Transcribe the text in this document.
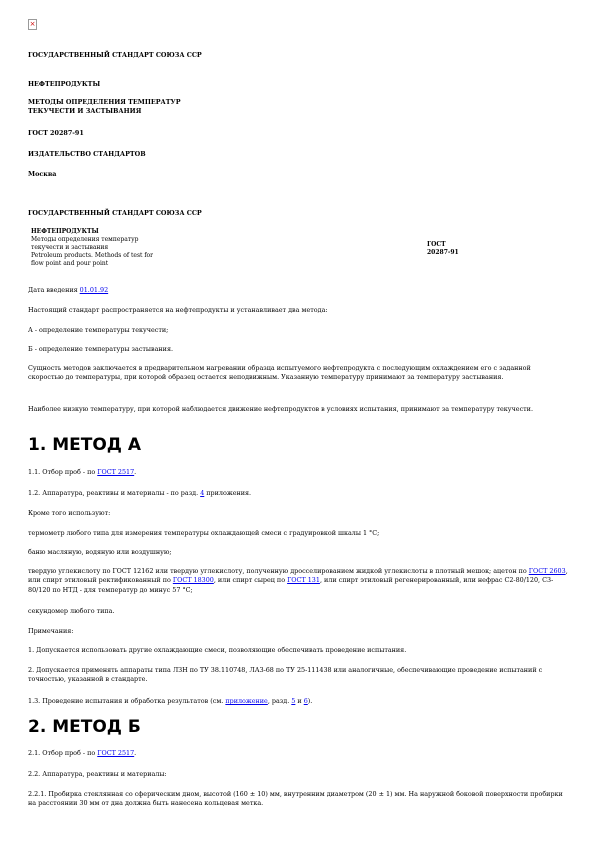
×

ГОСУДАРСТВЕННЫЙ СТАНДАРТ СОЮЗА ССР

НЕФТЕПРОДУКТЫ

МЕТОДЫ ОПРЕДЕЛЕНИЯ ТЕМПЕРАТУР
ТЕКУЧЕСТИ И ЗАСТЫВАНИЯ

ГОСТ 20287-91

ИЗДАТЕЛЬСТВО СТАНДАРТОВ

Москва

ГОСУДАРСТВЕННЫЙ СТАНДАРТ СОЮЗА ССР

НЕФТЕПРОДУКТЫ
Методы определения температур
текучести и застывания
Petroleum products. Methods of test for
flow point and pour point
ГОСТ
20287-91

Дата введения 01.01.92

Настоящий стандарт распространяется на нефтепродукты и устанавливает два метода:

А - определение температуры текучести;

Б - определение температуры застывания.

Сущность методов заключается в предварительном нагревании образца испытуемого нефтепродукта с последующим охлаждением его с заданной скоростью до температуры, при которой образец остается неподвижным. Указанную температуру принимают за температуру застывания.

Наиболее низкую температуру, при которой наблюдается движение нефтепродуктов в условиях испытания, принимают за температуру текучести.

1. МЕТОД А

1.1. Отбор проб - по ГОСТ 2517.

1.2. Аппаратура, реактивы и материалы - по разд. 4 приложения.

Кроме того используют:

термометр любого типа для измерения температуры охлаждающей смеси с градуировкой шкалы 1 °С;

баню масляную, водяную или воздушную;

твердую углекислоту по ГОСТ 12162 или твердую углекислоту, полученную дросселированием жидкой углекислоты в плотный мешок; ацетон по ГОСТ 2603, или спирт этиловый ректификованный по ГОСТ 18300, или спирт сырец по ГОСТ 131, или спирт этиловый регенерированный, или нефрас С2-80/120, С3-80/120 по НТД - для температур до минус 57 °С;

секундомер любого типа.

Примечания:

1. Допускается использовать другие охлаждающие смеси, позволяющие обеспечивать проведение испытания.

2. Допускается применять аппараты типа ЛЗН по ТУ 38.110748, ЛАЗ-68 по ТУ 25-111438 или аналогичные, обеспечивающие проведение испытаний с точностью, указанной в стандарте.

1.3. Проведение испытания и обработка результатов (см. приложение, разд. 5 и 6).

2. МЕТОД Б

2.1. Отбор проб - по ГОСТ 2517.

2.2. Аппаратура, реактивы и материалы:

2.2.1. Пробирка стеклянная со сферическим дном, высотой (160 ± 10) мм, внутренним диаметром (20 ± 1) мм. На наружной боковой поверхности пробирки на расстоянии 30 мм от дна должна быть нанесена кольцевая метка.
